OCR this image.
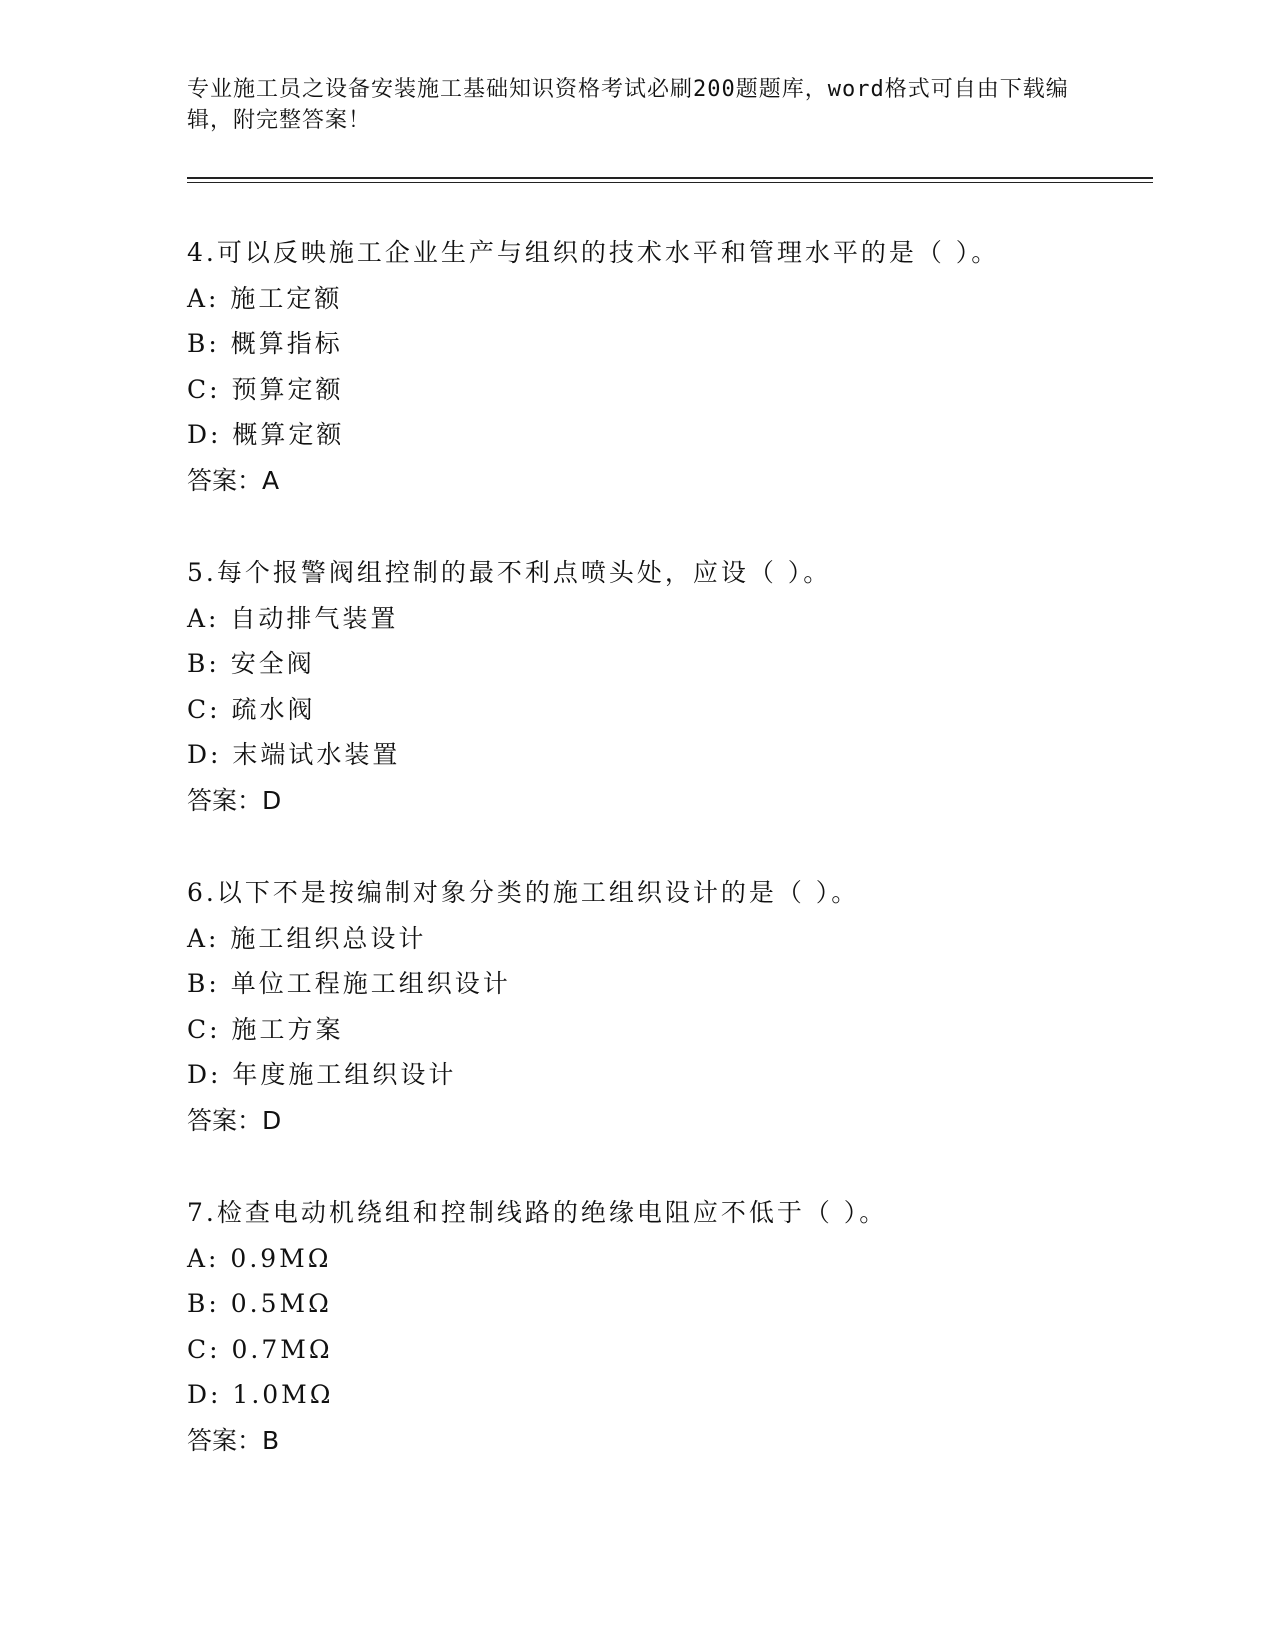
专业施工员之设备安装施工基础知识资格考试必刷200题题库，word格式可自由下载编辑，附完整答案！
4.可以反映施工企业生产与组织的技术水平和管理水平的是（ ）。
A: 施工定额
B: 概算指标
C: 预算定额
D: 概算定额
答案：A
5.每个报警阀组控制的最不利点喷头处，应设（ ）。
A: 自动排气装置
B: 安全阀
C: 疏水阀
D: 末端试水装置
答案：D
6.以下不是按编制对象分类的施工组织设计的是（ ）。
A: 施工组织总设计
B: 单位工程施工组织设计
C: 施工方案
D: 年度施工组织设计
答案：D
7.检查电动机绕组和控制线路的绝缘电阻应不低于（ ）。
A: 0.9MΩ
B: 0.5MΩ
C: 0.7MΩ
D: 1.0MΩ
答案：B
